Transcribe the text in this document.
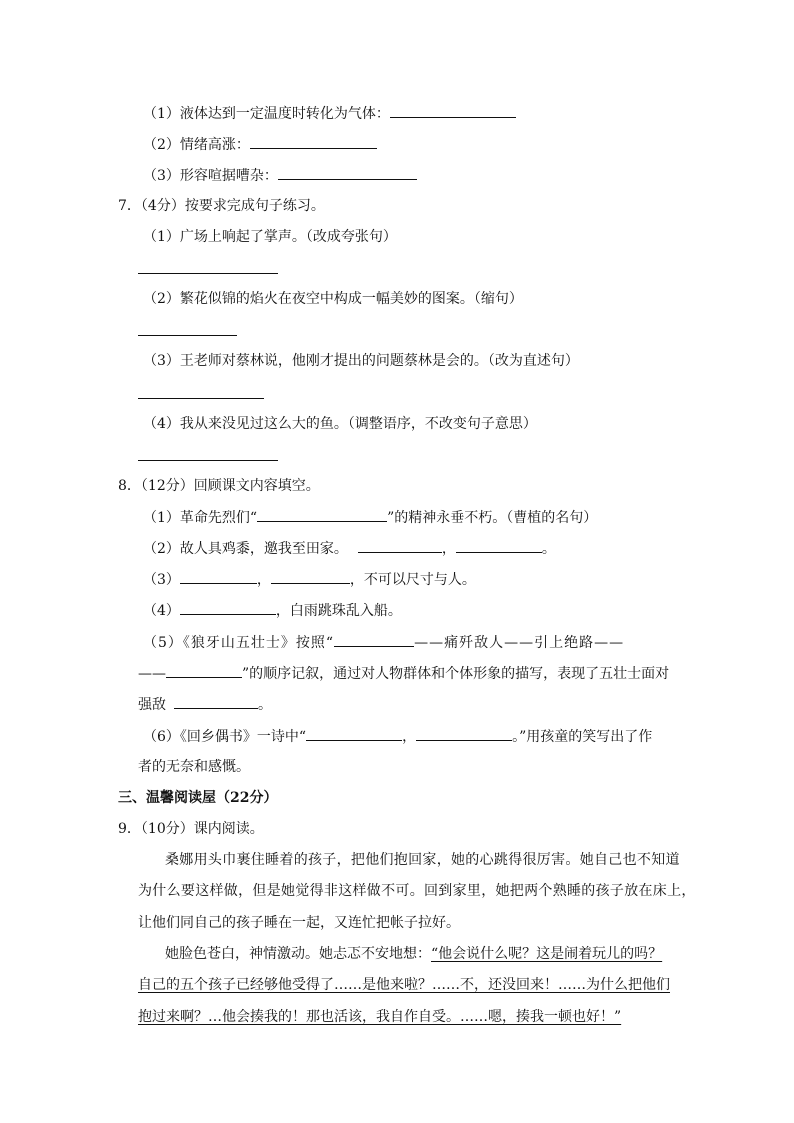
（1）液体达到一定温度时转化为气体：
（2）情绪高涨：
（3）形容喧据嘈杂：
7．（4分）按要求完成句子练习。
（1）广场上响起了掌声。（改成夸张句）
（2）繁花似锦的焰火在夜空中构成一幅美妙的图案。（缩句）
（3）王老师对蔡林说，他刚才提出的问题蔡林是会的。（改为直述句）
（4）我从来没见过这么大的鱼。（调整语序，不改变句子意思）
8．（12分）回顾课文内容填空。
（1）革命先烈们“	”的精神永垂不朽。（曹植的名句）
（2）故人具鸡黍，邀我至田家。	，	。
（3）	，	，不可以尺寸与人。
（4）	，白雨跳珠乱入船。
（5）《狼牙山五壮士》按照“	——痛歼敌人——引上绝路——
——	”的顺序记叙，通过对人物群体和个体形象的描写，表现了五壮士面对
强敌	。
（6）《回乡偶书》一诗中“	，	。”用孩童的笑写出了作
者的无奈和感慨。
三、温馨阅读屋（22分）
9．（10分）课内阅读。
桑娜用头巾裹住睡着的孩子，把他们抱回家，她的心跳得很厉害。她自己也不知道
为什么要这样做，但是她觉得非这样做不可。回到家里，她把两个熟睡的孩子放在床上，
让他们同自己的孩子睡在一起，又连忙把帐子拉好。
她脸色苍白，神情激动。她忐忑不安地想：“他会说什么呢？这是闹着玩儿的吗？
自己的五个孩子已经够他受得了……是他来啦？……不，还没回来！……为什么把他们
抱过来啊？…他会揍我的！那也活该，我自作自受。……嗯，揍我一顿也好！”
